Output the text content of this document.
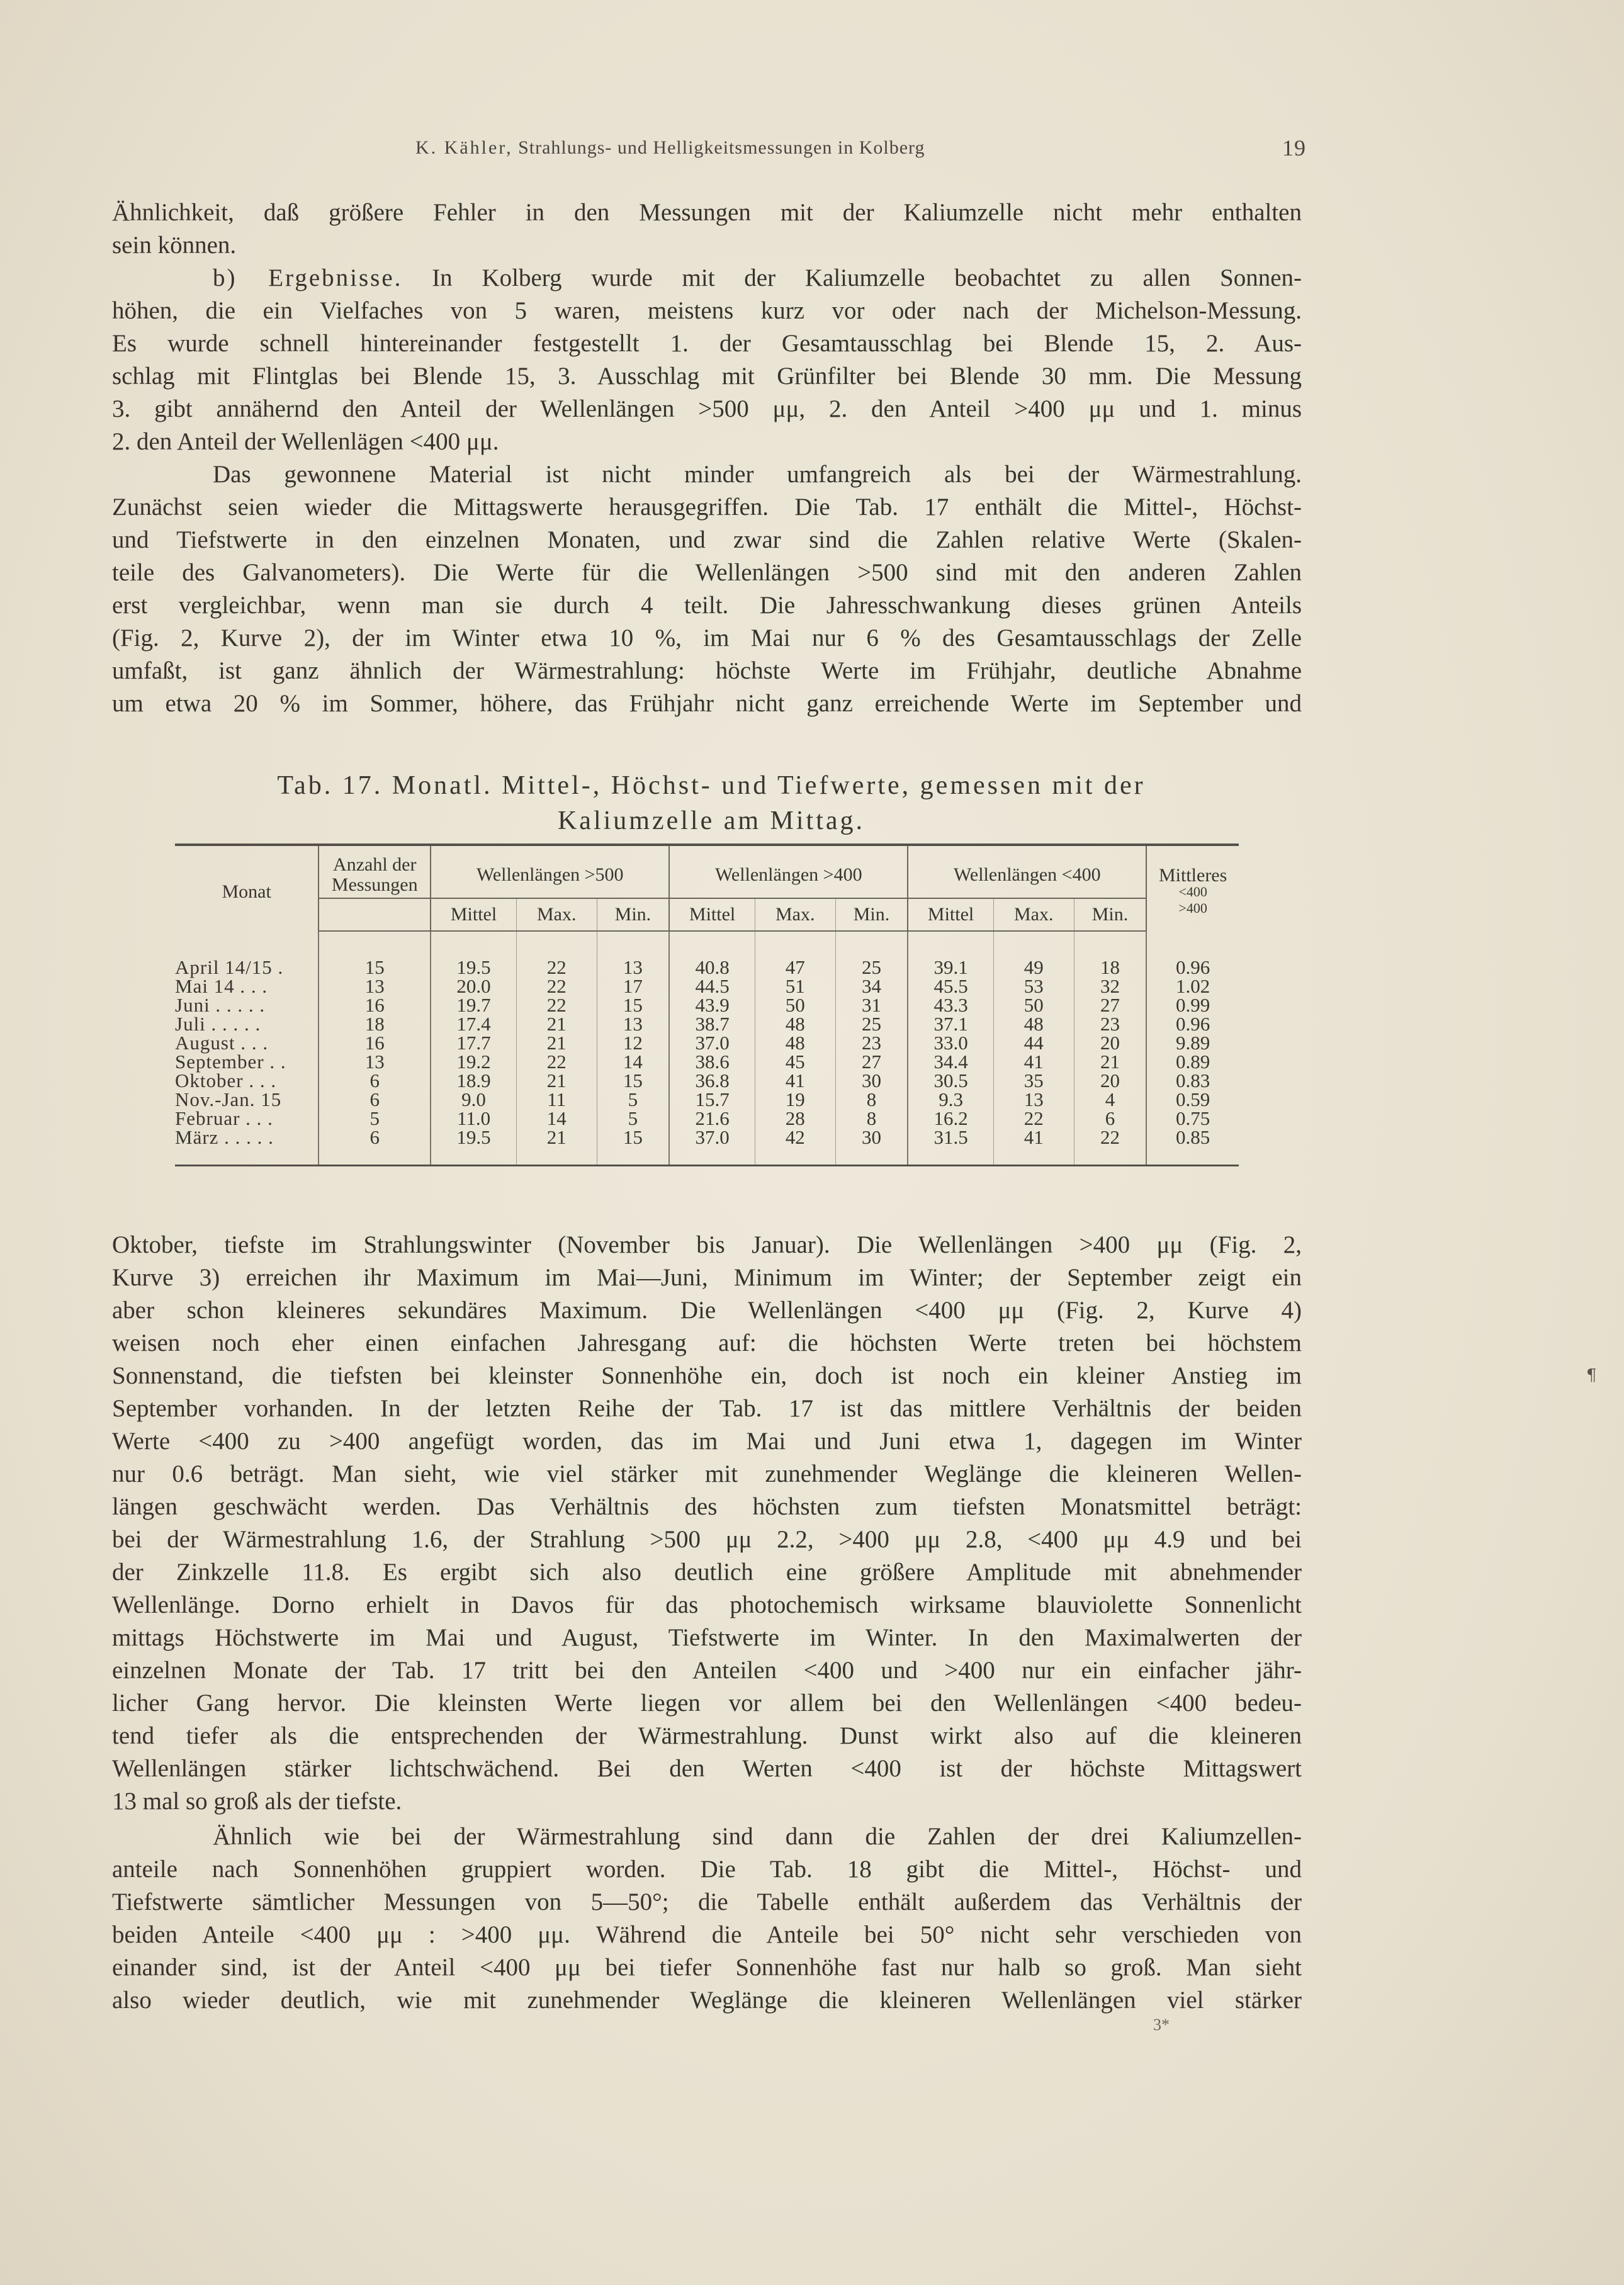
K. Kähler, Strahlungs- und Helligkeitsmessungen in Kolberg	19

Ähnlichkeit, daß größere Fehler in den Messungen mit der Kaliumzelle nicht mehr enthalten

sein können.

b) Ergebnisse. In Kolberg wurde mit der Kaliumzelle beobachtet zu allen Sonnen-

höhen, die ein Vielfaches von 5 waren, meistens kurz vor oder nach der Michelson-Messung.

Es wurde schnell hintereinander festgestellt 1. der Gesamtausschlag bei Blende 15, 2. Aus-

schlag mit Flintglas bei Blende 15, 3. Ausschlag mit Grünfilter bei Blende 30 mm. Die Messung

3. gibt annähernd den Anteil der Wellenlängen >500 μμ, 2. den Anteil >400 μμ und 1. minus

2. den Anteil der Wellenlägen <400 μμ.

Das gewonnene Material ist nicht minder umfangreich als bei der Wärmestrahlung.

Zunächst seien wieder die Mittagswerte herausgegriffen. Die Tab. 17 enthält die Mittel-, Höchst-

und Tiefstwerte in den einzelnen Monaten, und zwar sind die Zahlen relative Werte (Skalen-

teile des Galvanometers). Die Werte für die Wellenlängen >500 sind mit den anderen Zahlen

erst vergleichbar, wenn man sie durch 4 teilt. Die Jahresschwankung dieses grünen Anteils

(Fig. 2, Kurve 2), der im Winter etwa 10 %, im Mai nur 6 % des Gesamtausschlags der Zelle

umfaßt, ist ganz ähnlich der Wärmestrahlung: höchste Werte im Frühjahr, deutliche Abnahme

um etwa 20 % im Sommer, höhere, das Frühjahr nicht ganz erreichende Werte im September und

Tab. 17. Monatl. Mittel-, Höchst- und Tiefwerte, gemessen mit der
Kaliumzelle am Mittag.
Monat	Anzahl der Messungen	Wellenlängen >500			Wellenlängen >400			Wellenlängen <400			Mittleres
<400
>400

		Mittel	Max.	Min.	Mittel	Max.	Min.	Mittel	Max.	Min.	
April 14/15 .	15	19.5	22	13	40.8	47	25	39.1	49	18	0.96
Mai 14 . . .	13	20.0	22	17	44.5	51	34	45.5	53	32	1.02
Juni . . . . .	16	19.7	22	15	43.9	50	31	43.3	50	27	0.99
Juli . . . . .	18	17.4	21	13	38.7	48	25	37.1	48	23	0.96
August . . .	16	17.7	21	12	37.0	48	23	33.0	44	20	9.89
September . .	13	19.2	22	14	38.6	45	27	34.4	41	21	0.89
Oktober . . .	6	18.9	21	15	36.8	41	30	30.5	35	20	0.83
Nov.-Jan. 15	6	9.0	11	5	15.7	19	8	9.3	13	4	0.59
Februar . . .	5	11.0	14	5	21.6	28	8	16.2	22	6	0.75
März . . . . .	6	19.5	21	15	37.0	42	30	31.5	41	22	0.85

Oktober, tiefste im Strahlungswinter (November bis Januar). Die Wellenlängen >400 μμ (Fig. 2,

Kurve 3) erreichen ihr Maximum im Mai—Juni, Minimum im Winter; der September zeigt ein

aber schon kleineres sekundäres Maximum. Die Wellenlängen <400 μμ (Fig. 2, Kurve 4)

weisen noch eher einen einfachen Jahresgang auf: die höchsten Werte treten bei höchstem

Sonnenstand, die tiefsten bei kleinster Sonnenhöhe ein, doch ist noch ein kleiner Anstieg im

September vorhanden. In der letzten Reihe der Tab. 17 ist das mittlere Verhältnis der beiden

Werte <400 zu >400 angefügt worden, das im Mai und Juni etwa 1, dagegen im Winter

nur 0.6 beträgt. Man sieht, wie viel stärker mit zunehmender Weglänge die kleineren Wellen-

längen geschwächt werden. Das Verhältnis des höchsten zum tiefsten Monatsmittel beträgt:

bei der Wärmestrahlung 1.6, der Strahlung >500 μμ 2.2, >400 μμ 2.8, <400 μμ 4.9 und bei

der Zinkzelle 11.8. Es ergibt sich also deutlich eine größere Amplitude mit abnehmender

Wellenlänge. Dorno erhielt in Davos für das photochemisch wirksame blauviolette Sonnenlicht

mittags Höchstwerte im Mai und August, Tiefstwerte im Winter. In den Maximalwerten der

einzelnen Monate der Tab. 17 tritt bei den Anteilen <400 und >400 nur ein einfacher jähr-

licher Gang hervor. Die kleinsten Werte liegen vor allem bei den Wellenlängen <400 bedeu-

tend tiefer als die entsprechenden der Wärmestrahlung. Dunst wirkt also auf die kleineren

Wellenlängen stärker lichtschwächend. Bei den Werten <400 ist der höchste Mittagswert

13 mal so groß als der tiefste.

Ähnlich wie bei der Wärmestrahlung sind dann die Zahlen der drei Kaliumzellen-

anteile nach Sonnenhöhen gruppiert worden. Die Tab. 18 gibt die Mittel-, Höchst- und

Tiefstwerte sämtlicher Messungen von 5—50°; die Tabelle enthält außerdem das Verhältnis der

beiden Anteile <400 μμ : >400 μμ. Während die Anteile bei 50° nicht sehr verschieden von

einander sind, ist der Anteil <400 μμ bei tiefer Sonnenhöhe fast nur halb so groß. Man sieht

also wieder deutlich, wie mit zunehmender Weglänge die kleineren Wellenlängen viel stärker

3*
¶
